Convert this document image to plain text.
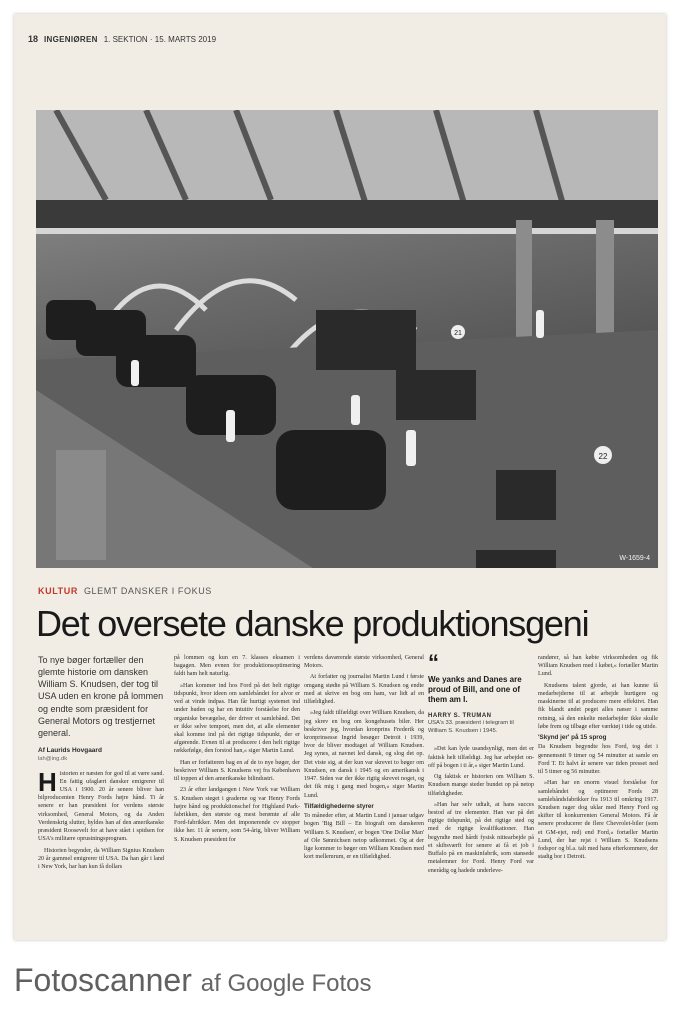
18 INGENIØREN 1. SEKTION · 15. MARTS 2019
21
22
W-1659-4
KULTUR GLEMT DANSKER I FOKUS
Det oversete danske produktionsgeni

To nye bøger fortæller den glemte historie om dansken William S. Knudsen, der tog til USA uden en krone på lommen og endte som præsident for General Motors og trestjernet general.

Af Laurids Hovgaard

lah@ing.dk

Historien er næsten for god til at være sand. En fattig ufaglært dansker emigrerer til USA i 1900. 20 år senere bliver han bilproducenten Henry Fords højre hånd. Ti år senere er han præsident for verdens største virksomhed, General Motors, og da Anden Verdenskrig slutter, hyldes han af den amerikanske præsident Roosevelt for at have stået i spidsen for USA's militære oprustningsprogram.

Historien begynder, da William Signius Knudsen 20 år gammel emigrerer til USA. Da han går i land i New York, har han kun få dollars

på lommen og kun en 7. klasses eksamen i bagagen. Men evnen for produktionsoptimering faldt ham helt naturlig.

»Han kommer ind hos Ford på det helt rigtige tidspunkt, hvor ideen om samlebåndet for alvor er ved at vinde indpas. Han får hurtigt systemet ind under huden og har en intuitiv forståelse for den organiske bevægelse, der driver et samlebånd. Det er ikke selve tempoet, men det, at alle elementer skal komme ind på det rigtige tidspunkt, der er afgørende. Evnen til at producere i den helt rigtige rækkefølge, den forstod han,« siger Martin Lund.

Han er forfatteren bag en af de to nye bøger, der beskriver William S. Knudsens vej fra København til toppen af den amerikanske bilindustri.

23 år efter landgangen i New York var William S. Knudsen steget i graderne og var Henry Fords højre hånd og produktionschef for Highland Park-fabrikken, den største og mest berømte af alle Ford-fabrikker. Men det imponerende cv stopper ikke her. 11 år senere, som 54-årig, bliver William S. Knudsen præsident for

verdens daværende største virksomhed, General Motors.

At forfatter og journalist Martin Lund i første omgang stødte på William S. Knudsen og endte med at skrive en bog om ham, var lidt af en tilfældighed.

»Jeg faldt tilfældigt over William Knudsen, da jeg skrev en bog om kongehusets biler. Her beskriver jeg, hvordan kronprins Frederik og kronprinsesse Ingrid besøger Detroit i 1939, hvor de bliver modtaget af William Knudsen. Jeg synes, at navnet led dansk, og slog det op. Det viste sig, at der kun var skrevet to bøger om Knudsen, en dansk i 1945 og en amerikansk i 1947. Siden var der ikke rigtig skrevet noget, og det fik mig i gang med bogen,« siger Martin Lund.

Tilfældighederne styrer

To måneder efter, at Martin Lund i januar udgav bogen 'Big Bill – En biografi om danskeren William S. Knudsen', er bogen 'One Dollar Man' af Ole Sønnichsen netop udkommet. Og at der lige kommer to bøger om William Knudsen med kort mellemrum, er en tilfældighed.

“

We yanks and Danes are proud of Bill, and one of them am I.

HARRY S. TRUMAN

USA's 33. præsident i telegram til William S. Knudsen i 1945.

»Det kan lyde usandsynligt, men det er faktisk helt tilfældigt. Jeg har arbejdet on-off på bogen i ti år,« siger Martin Lund.

Og faktisk er historien om William S. Knudsen mange steder bundet op på netop tilfældigheder.

»Han har selv udtalt, at hans succes bestod af tre elementer. Han var på det rigtige tidspunkt, på det rigtige sted og med de rigtige kvalifikationer. Han begyndte med hårdt fysisk nittearbejde på et skibsværft for senere at få et job i Buffalo på en maskinfabrik, som stansede metalemner for Ford. Henry Ford var enerådig og hadede underleve-

randører, så han købte virksomheden og fik William Knudsen med i købet,« fortæller Martin Lund.

Knudsens talent gjorde, at han kunne få medarbejderne til at arbejde hurtigere og maskinerne til at producere mere effektivt. Han fik blandt andet peget alles næser i samme retning, så den enkelte medarbejder ikke skulle løbe frem og tilbage efter værktøj i tide og utide.

'Skynd jer' på 15 sprog

Da Knudsen begyndte hos Ford, tog det i gennemsnit 9 timer og 54 minutter at samle en Ford T. Et halvt år senere var tiden presset ned til 5 timer og 56 minutter.

»Han har en enorm visuel forståelse for samlebåndet og optimerer Fords 28 samlebåndsfabrikker fra 1913 til omkring 1917. Knudsen rager dog uklar med Henry Ford og skifter til konkurrenten General Motors. Få år senere producerer de flere Chevrolet-biler (som et GM-ejet, red) end Ford,« fortæller Martin Lund, der har rejst i William S. Knudsens fodspor og bl.a. talt med hans efterkommere, der stadig bor i Detroit.

Fotoscanner af Google Fotos
